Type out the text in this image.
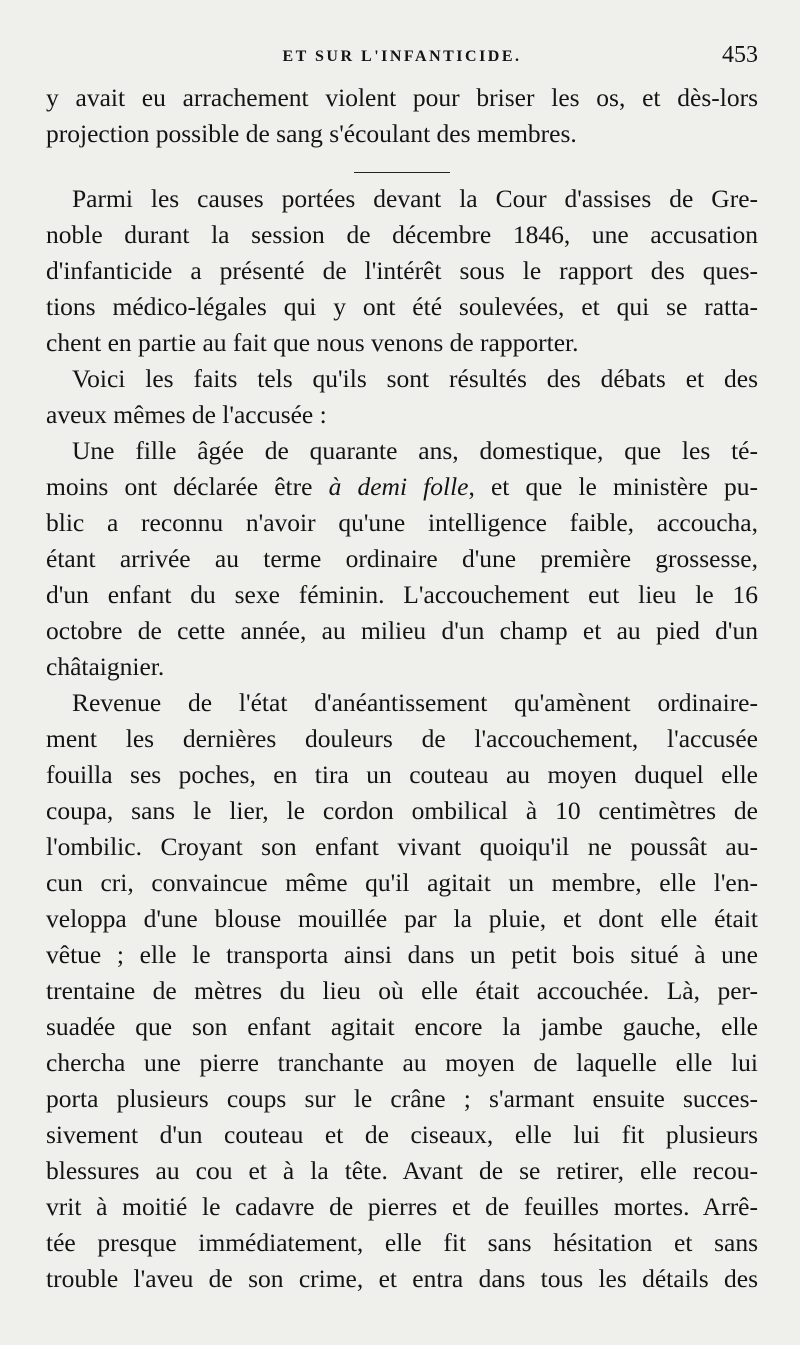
ET SUR L'INFANTICIDE.	453
y avait eu arrachement violent pour briser les os, et dès-lors
projection possible de sang s'écoulant des membres.
Parmi les causes portées devant la Cour d'assises de Gre-
noble durant la session de décembre 1846, une accusation
d'infanticide a présenté de l'intérêt sous le rapport des ques-
tions médico-légales qui y ont été soulevées, et qui se ratta-
chent en partie au fait que nous venons de rapporter.
Voici les faits tels qu'ils sont résultés des débats et des
aveux mêmes de l'accusée :
Une fille âgée de quarante ans, domestique, que les té-
moins ont déclarée être à demi folle, et que le ministère pu-
blic a reconnu n'avoir qu'une intelligence faible, accoucha,
étant arrivée au terme ordinaire d'une première grossesse,
d'un enfant du sexe féminin. L'accouchement eut lieu le 16
octobre de cette année, au milieu d'un champ et au pied d'un
châtaignier.
Revenue de l'état d'anéantissement qu'amènent ordinaire-
ment les dernières douleurs de l'accouchement, l'accusée
fouilla ses poches, en tira un couteau au moyen duquel elle
coupa, sans le lier, le cordon ombilical à 10 centimètres de
l'ombilic. Croyant son enfant vivant quoiqu'il ne poussât au-
cun cri, convaincue même qu'il agitait un membre, elle l'en-
veloppa d'une blouse mouillée par la pluie, et dont elle était
vêtue ; elle le transporta ainsi dans un petit bois situé à une
trentaine de mètres du lieu où elle était accouchée. Là, per-
suadée que son enfant agitait encore la jambe gauche, elle
chercha une pierre tranchante au moyen de laquelle elle lui
porta plusieurs coups sur le crâne ; s'armant ensuite succes-
sivement d'un couteau et de ciseaux, elle lui fit plusieurs
blessures au cou et à la tête. Avant de se retirer, elle recou-
vrit à moitié le cadavre de pierres et de feuilles mortes. Arrê-
tée presque immédiatement, elle fit sans hésitation et sans
trouble l'aveu de son crime, et entra dans tous les détails des
